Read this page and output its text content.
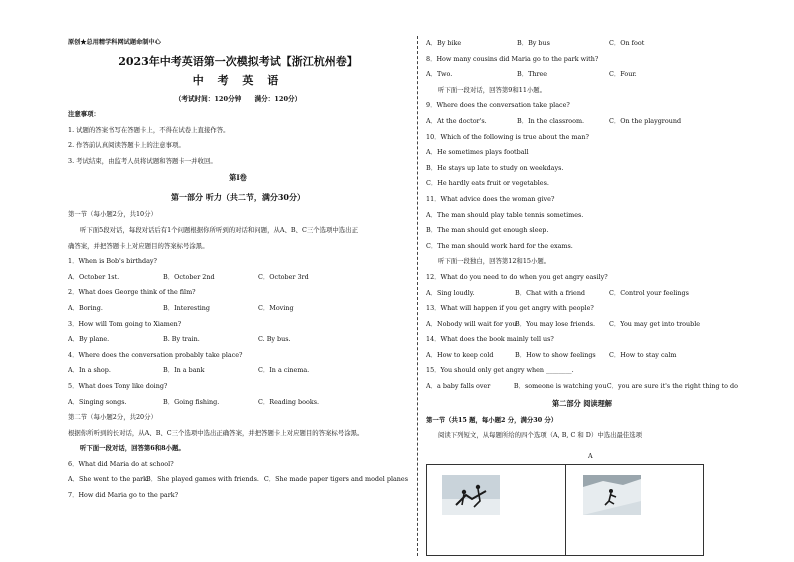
原创★总用精学科网试题命制中心
2023年中考英语第一次模拟考试【浙江杭州卷】
中 考 英 语
（考试时间：120分钟　　满分：120分）
注意事项：
1. 试题的答案书写在答题卡上，不得在试卷上直接作答。
2. 作答前认真阅读答题卡上的注意事项。
3. 考试结束，由监考人员将试题和答题卡一并收回。
第Ⅰ卷
第一部分 听力（共二节，满分30分）
第一节（每小题2分，共10分）
听下面5段对话，每段对话后有1个问题根据你所听到的对话和问题，从A、B、C三个选项中选出正
确答案，并把答题卡上对应题目的答案标号涂黑。
1．When is Bob's birthday?
A．October 1st.	B．October 2nd	C．October 3rd
2．What does George think of the film?
A．Boring.	B．Interesting	C．Moving
3．How will Tom going to Xiamen?
A．By plane.	B. By train.	C. By bus.
4．Where does the conversation probably take place?
A．In a shop.	B．In a bank	C．In a cinema.
5．What does Tony like doing?
A．Singing songs.	B．Going fishing.	C．Reading books.
第二节（每小题2分，共20分）
根据你所听到的长对话，从A、B、C三个选项中选出正确答案，并把答题卡上对应题目的答案标号涂黑。
听下面一段对话，回答第6和8小题。
6．What did Maria do at school?
A．She went to the park.
B．She played games with friends. C．She made paper tigers and model planes
7．How did Maria go to the park?
A．By bike	B．By bus	C．On foot
8．How many cousins did Maria go to the park with?
A．Two.	B．Three	C．Four.
听下面一段对话，回答第9和11小题。
9．Where does the conversation take place?
A．At the doctor's.	B．In the classroom.	C．On the playground
10．Which of the following is true about the man?
A．He sometimes plays football
B．He stays up late to study on weekdays.
C．He hardly eats fruit or vegetables.
11．What advice does the woman give?
A．The man should play table tennis sometimes.
B．The man should get enough sleep.
C．The man should work hard for the exams.
听下面一段独白，回答第12和15小题。
12．What do you need to do when you get angry easily?
A．Sing loudly.	B．Chat with a friend	C．Control your feelings
13．What will happen if you get angry with people?
A．Nobody will wait for you
B．You may lose friends.	C．You may get into trouble
14．What does the book mainly tell us?
A．How to keep cold	B．How to show feelings	C．How to stay calm
15．You should only get angry when ________.
A．a baby falls over	B．someone is watching you C．you are sure it's the right thing to do
第二部分 阅读理解
第一节（共15 题，每小题2 分，满分30 分）
阅读下列短文，从每题所给的四个选项（A, B, C 和 D）中选出最佳选项
A
